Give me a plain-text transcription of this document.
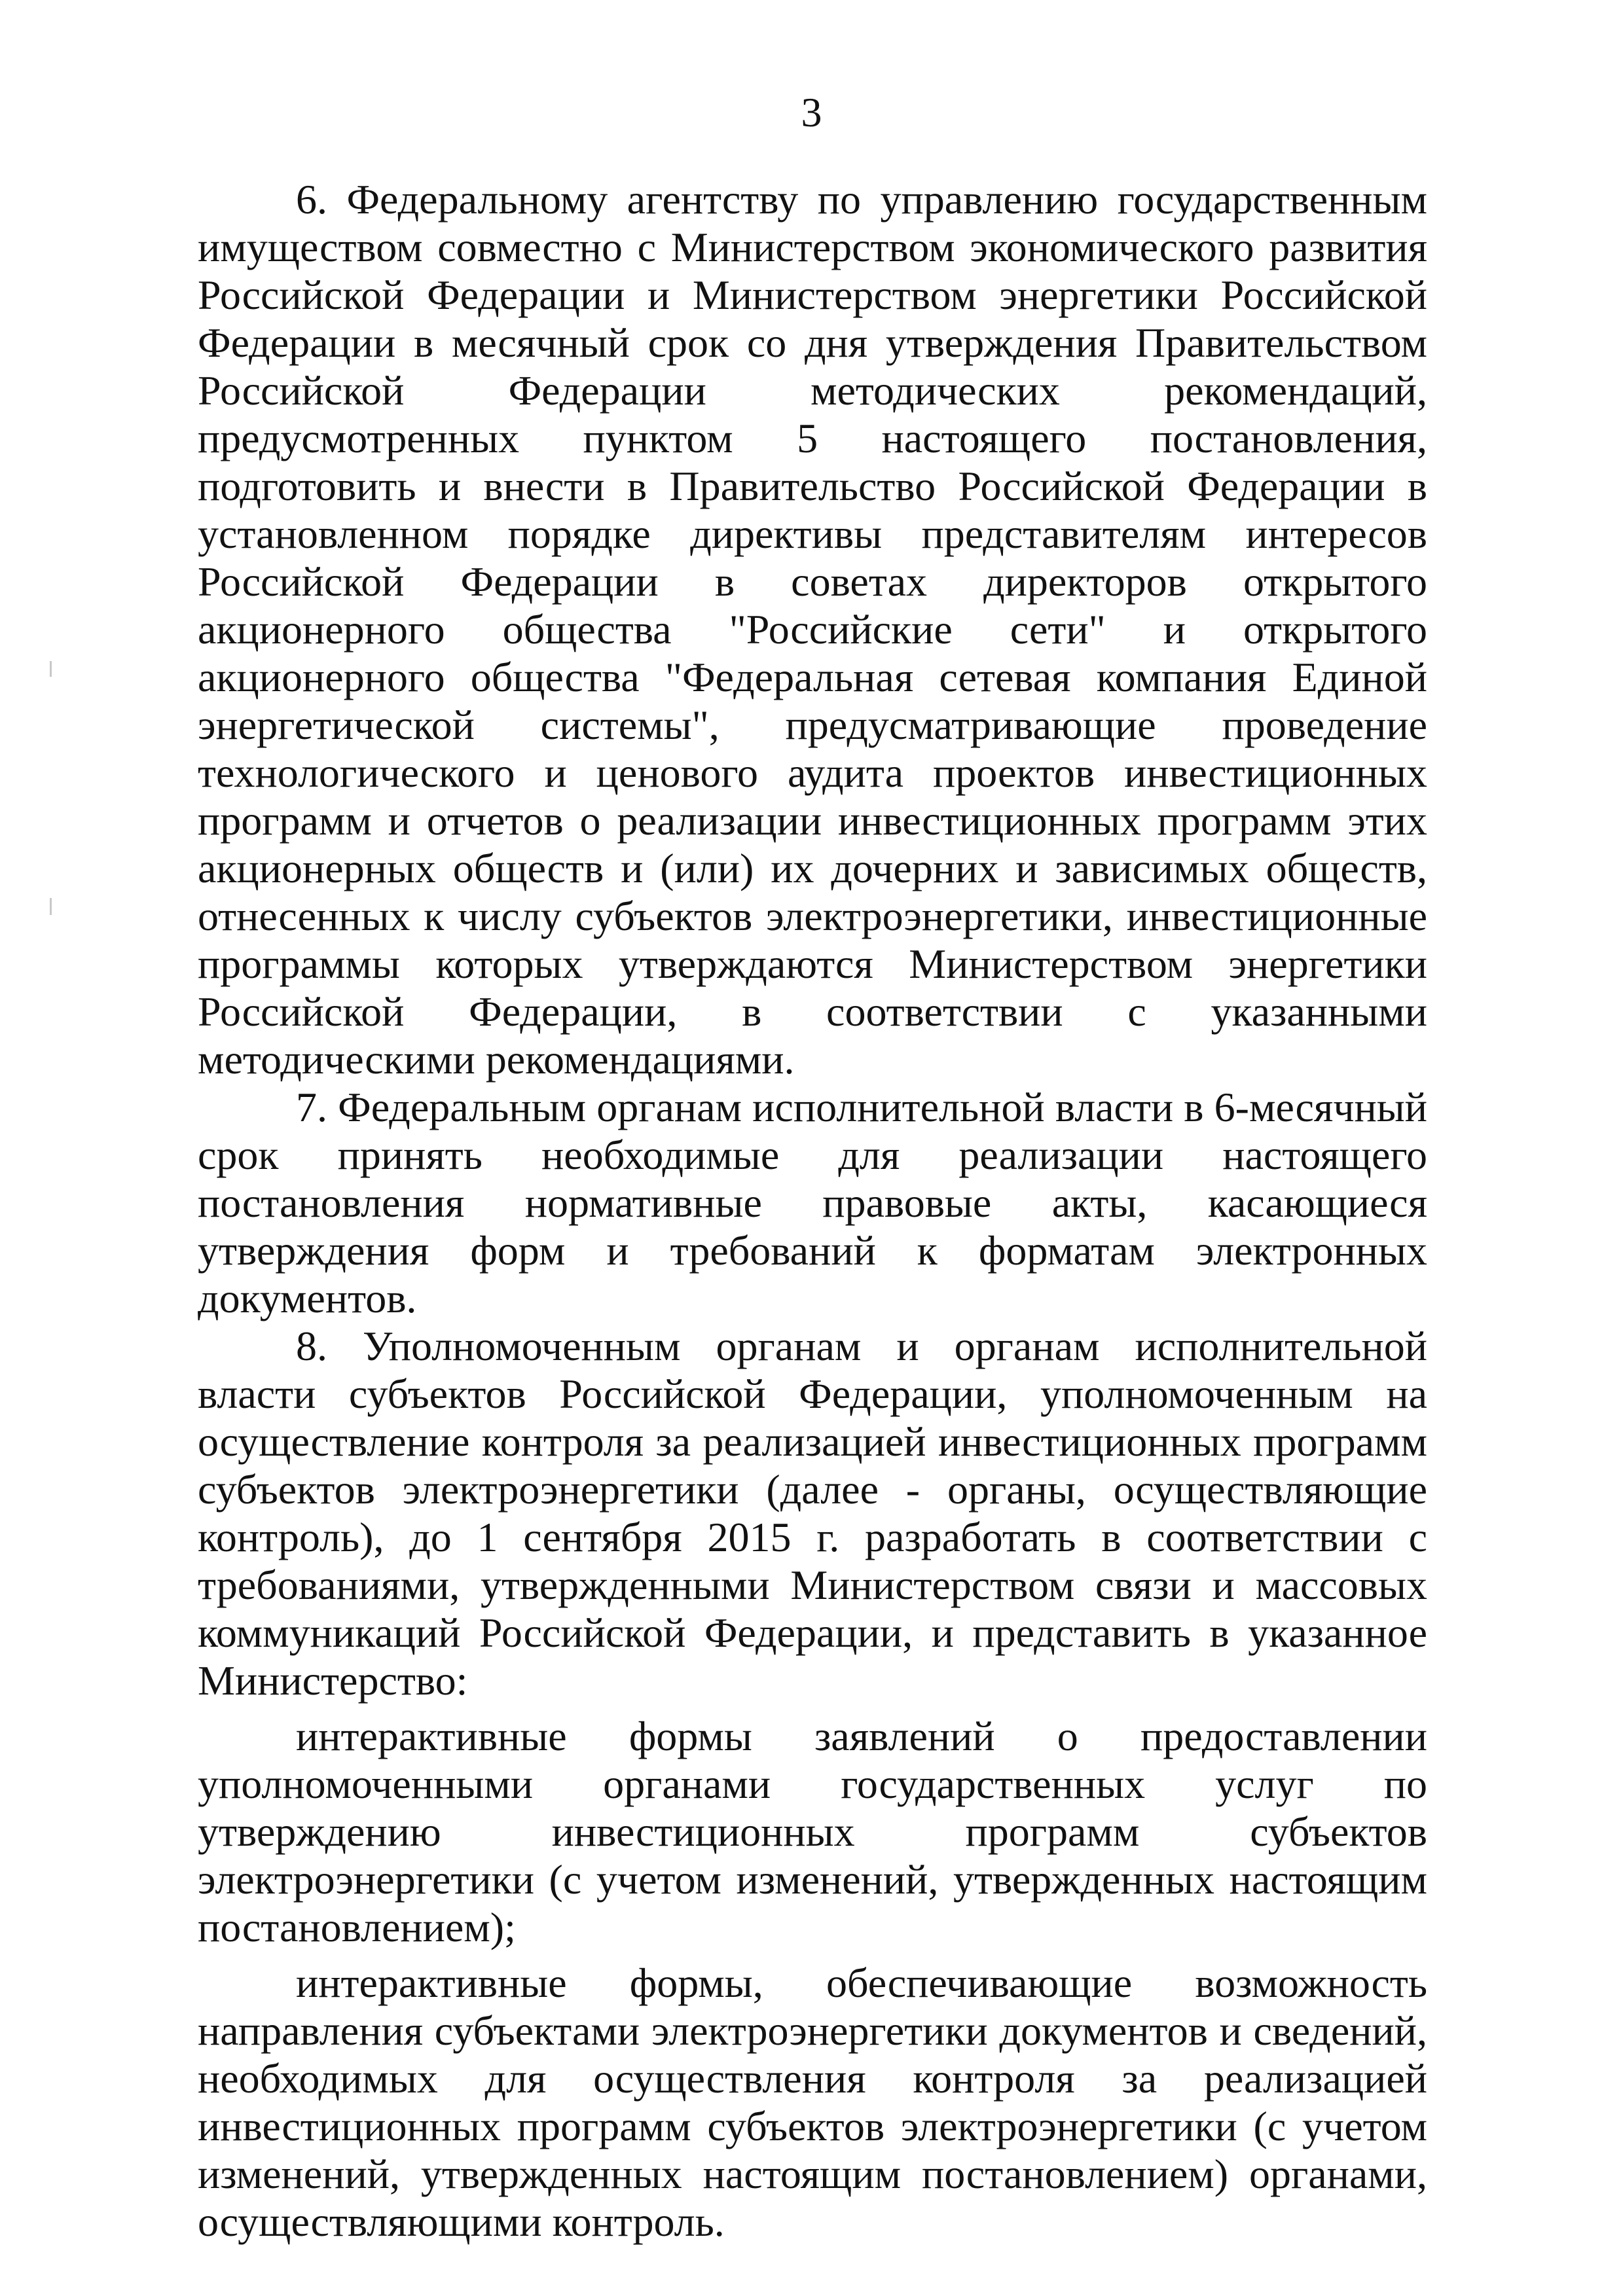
3

6. Федеральному агентству по управлению государственным имуществом совместно с Министерством экономического развития Российской Федерации и Министерством энергетики Российской Федерации в месячный срок со дня утверждения Правительством Российской Федерации методических рекомендаций, предусмотренных пунктом 5 настоящего постановления, подготовить и внести в Правительство Российской Федерации в установленном порядке директивы представителям интересов Российской Федерации в советах директоров открытого акционерного общества "Российские сети" и открытого акционерного общества "Федеральная сетевая компания Единой энергетической системы", предусматривающие проведение технологического и ценового аудита проектов инвестиционных программ и отчетов о реализации инвестиционных программ этих акционерных обществ и (или) их дочерних и зависимых обществ, отнесенных к числу субъектов электроэнергетики, инвестиционные программы которых утверждаются Министерством энергетики Российской Федерации, в соответствии с указанными методическими рекомендациями.

7. Федеральным органам исполнительной власти в 6-месячный срок принять необходимые для реализации настоящего постановления нормативные правовые акты, касающиеся утверждения форм и требований к форматам электронных документов.

8. Уполномоченным органам и органам исполнительной власти субъектов Российской Федерации, уполномоченным на осуществление контроля за реализацией инвестиционных программ субъектов электроэнергетики (далее - органы, осуществляющие контроль), до 1 сентября 2015 г. разработать в соответствии с требованиями, утвержденными Министерством связи и массовых коммуникаций Российской Федерации, и представить в указанное Министерство:

интерактивные формы заявлений о предоставлении уполномоченными органами государственных услуг по утверждению инвестиционных программ субъектов электроэнергетики (с учетом изменений, утвержденных настоящим постановлением);

интерактивные формы, обеспечивающие возможность направления субъектами электроэнергетики документов и сведений, необходимых для осуществления контроля за реализацией инвестиционных программ субъектов электроэнергетики (с учетом изменений, утвержденных настоящим постановлением) органами, осуществляющими контроль.
